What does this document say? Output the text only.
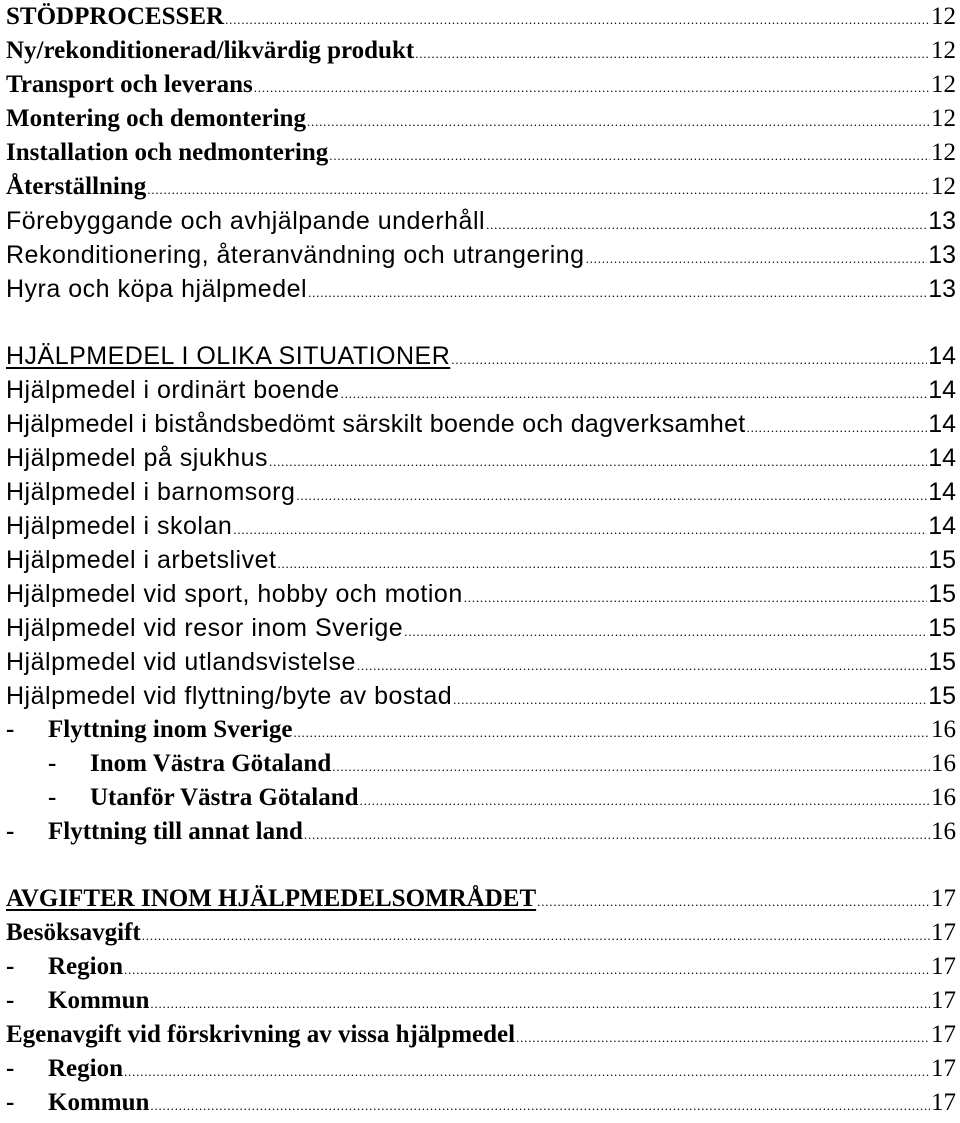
STÖDPROCESSER .....	12
Ny/rekonditionerad/likvärdig produkt .....	12
Transport och leverans .....	12
Montering och demontering .....	12
Installation och nedmontering .....	12
Återställning .....	12
Förebyggande och avhjälpande underhåll .....	13
Rekonditionering, återanvändning och utrangering .....	13
Hyra och köpa hjälpmedel .....	13
HJÄLPMEDEL I OLIKA SITUATIONER .....	14
Hjälpmedel i ordinärt boende .....	14
Hjälpmedel i biståndsbedömt särskilt boende och dagverksamhet .....	14
Hjälpmedel på sjukhus .....	14
Hjälpmedel i barnomsorg .....	14
Hjälpmedel i skolan .....	14
Hjälpmedel i arbetslivet .....	15
Hjälpmedel vid sport, hobby och motion .....	15
Hjälpmedel vid resor inom Sverige .....	15
Hjälpmedel vid utlandsvistelse .....	15
Hjälpmedel vid flyttning/byte av bostad .....	15
- Flyttning inom Sverige .....	16
- Inom Västra Götaland .....	16
- Utanför Västra Götaland .....	16
- Flyttning till annat land .....	16
AVGIFTER INOM HJÄLPMEDELSOMRÅDET .....	17
Besöksavgift .....	17
- Region .....	17
- Kommun .....	17
Egenavgift vid förskrivning av vissa hjälpmedel .....	17
- Region .....	17
- Kommun .....	17
